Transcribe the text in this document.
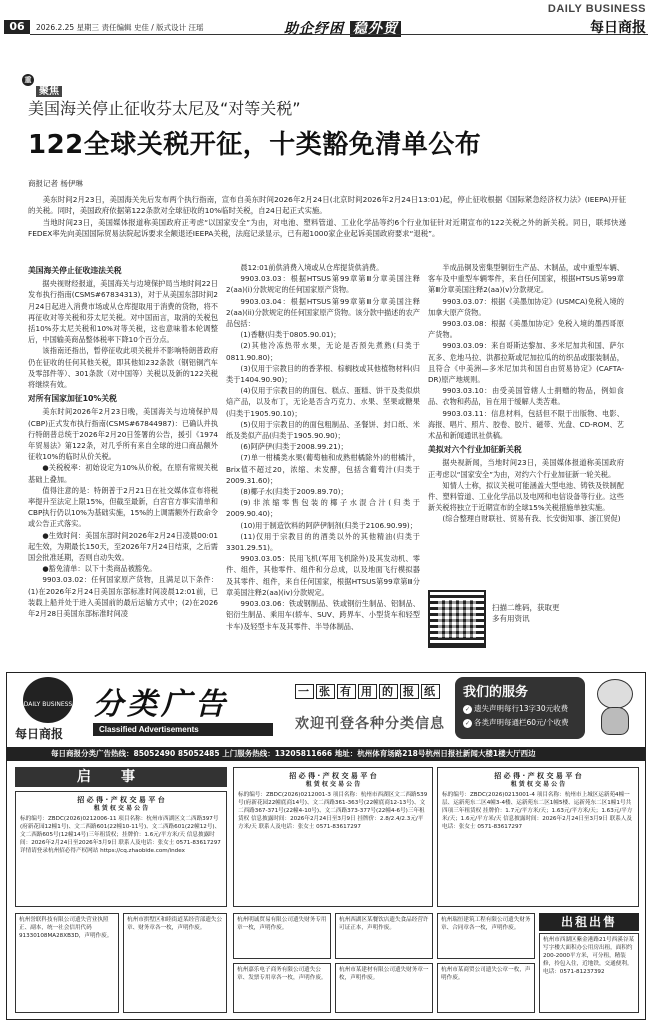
06	2026.2.25 星期三 责任编辑 史佳 / 版式设计 汪瑶	助企纾困 稳外贸
DAILY BUSINESS
每日商报
重点 聚焦
美国海关停止征收芬太尼及“对等关税”
122全球关税开征，十类豁免清单公布
商报记者 杨伊琳

美东时间2月23日，美国海关先后发布两个执行指南，宣布自美东时间2026年2月24日(北京时间2026年2月24日13:01)起，停止征收根据《国际紧急经济权力法》(IEEPA)开征的关税。同时，美国政府依据第122条款对全球征收的10%临时关税，自24日起正式实施。

当地时间23日，美国媒体报道称美国政府正考虑“以国家安全”为由，对电池、塑料管道、工业化学品等约6个行业加征针对近期宣布的122关税之外的新关税。同日，联邦快递FEDEX率先向美国国际贸易法院起诉要求全额退还IEEPA关税，法庭记录显示，已有超1000家企业起诉美国政府要求“退税”。

美国海关停止征收违法关税

据央视财经报道，美国海关与边境保护局当地时间22日发布执行指南(CSMS#67834313)，对于从美国东部时间2月24日起进入消费市场或从仓库提取用于消费的货物，将不再征收对等关税和芬太尼关税。对中国而言，取消的关税包括10%芬太尼关税和10%对等关税，这也意味着本轮调整后，中国输美商品整体税率下降10个百分点。

该指南还指出，暂停征收此项关税并不影响特朗普政府仍在征收的任何其他关税，即其他如232条款（钢铝铜汽车及零部件等）、301条款（对中国等）关税以及新的122关税将继续有效。

对所有国家加征10%关税

美东时间2026年2月23日晚，美国海关与边境保护局(CBP)正式发布执行指南(CSMS#67844987)：已确认并执行特朗普总统于2026年2月20日签署的公告，援引《1974年贸易法》第122条，对几乎所有来自全球的进口商品额外征收10%的临时从价关税。

●关税税率：初始设定为10%从价税，在原有常规关税基础上叠加。

值得注意的是：特朗普于2月21日在社交媒体宣布将税率提升至法定上限15%，但截至最新，白宫官方事实清单和CBP执行仍以10%为基础实施，15%的上调需额外行政命令或公告正式落实。

●生效时间：美国东部时间2026年2月24日凌晨00:01起生效，为期最长150天，至2026年7月24日结束，之后需国会批准延期，否则自动失效。

●豁免清单：以下十类商品被豁免。

9903.03.02：任何国家原产货物，且满足以下条件：(1)在2026年2月24日美国东部标准时间凌晨12:01前，已装载上船并处于进入美国前的最后运输方式中；(2)在2026年2月28日美国东部标准时间凌

晨12:01前供消费入境或从仓库提货供消费。

9903.03.03：根据HTSUS第99章第Ⅲ分章美国注释2(aa)(i)分款规定的任何国家原产货物。

9903.03.04：根据HTSUS第99章第Ⅲ分章美国注释2(aa)(ii)分款规定的任何国家原产货物。该分款中描述的农产品包括：

(1)香糖(归类于0805.90.01)；

(2)其他冷冻热带水果，无论是否预先煮熟(归类于0811.90.80)；

(3)仅用于宗教目的的香茅根、棕榈枝或其他植物材料(归类于1404.90.90)；

(4)仅用于宗教目的的面包、糕点、蛋糕、饼干及类似烘焙产品，以及布丁，无论是否含巧克力、水果、坚果或糖果(归类于1905.90.10)；

(5)仅用于宗教目的的面包粗制品、圣餐饼、封口纸、米纸及类似产品(归类于1905.90.90)；

(6)阿萨伊(归类于2008.99.21)；

(7)单一柑橘类水果(葡萄柚和成熟柑橘除外)的柑橘汁，Brix值不超过20，浓缩、未发酵，包括含葡萄汁(归类于2009.31.60)；

(8)椰子水(归类于2009.89.70)；

(9)非浓缩零售包装的椰子水混合汁(归类于2009.90.40)；

(10)用于制造饮料的阿萨伊制剂(归类于2106.90.99)；

(11)仅用于宗教目的的酒类以外的其他精油(归类于3301.29.51)。

9903.03.05：民用飞机(军用飞机除外)及其发动机、零件、组件，其他零件、组件和分总成，以及地面飞行模拟器及其零件、组件，来自任何国家，根据HTSUS第99章第Ⅲ分章美国注释2(aa)(iv)分款规定。

9903.03.06：铁或钢制品、铁或钢衍生制品、铝制品、铝衍生制品、乘用车(轿车、SUV、跨界车、小型货车和轻型卡车)及轻型卡车及其零件、半导体制品、

半成品铜及密集型铜衍生产品、木制品，或中重型车辆、客车及中重型车辆零件，来自任何国家，根据HTSUS第99章第Ⅲ分章美国注释2(aa)(v)分款规定。

9903.03.07：根据《美墨加协定》(USMCA)免税入境的加拿大原产货物。

9903.03.08：根据《美墨加协定》免税入境的墨西哥原产货物。

9903.03.09：来自哥斯达黎加、多米尼加共和国、萨尔瓦多、危地马拉、洪都拉斯或尼加拉瓜的纺织品或服装制品，且符合《中美洲—多米尼加共和国自由贸易协定》(CAFTA-DR)原产地规则。

9903.03.10：由受美国管辖人士捐赠的物品，例如食品、衣物和药品，旨在用于缓解人类苦难。

9903.03.11：信息材料，包括但不限于出版物、电影、海报、唱片、照片、胶卷、胶片、磁带、光盘、CD-ROM、艺术品和新闻通讯社供稿。

美拟对六个行业加征新关税

据央视新闻，当地时间23日，美国媒体报道称美国政府正考虑以“国家安全”为由，对约六个行业加征新一轮关税。

知情人士称，拟议关税可能涵盖大型电池、铸铁及铁制配件、塑料管道、工业化学品以及电网和电信设备等行业。这些新关税将独立于近期宣布的全球15%关税措施单独实施。

(综合整理自财联社、贸易有我、长安街知事、浙江贸促)

扫描二维码，获取更多有用资讯
DAILY BUSINESS
每日商报
分类广告
Classified Advertisements
一 张 有 用 的 报 纸
欢迎刊登各种分类信息
我们的服务
✓ 遗失声明每行13字30元收费
✓ 各类声明每通栏60元/个收费
每日商报分类广告热线：85052490 85052485 上门服务热线：13205811666 地址：杭州体育场路218号杭州日报社新闻大楼1楼大厅西边
启事
招 必 得 · 产 权 交 易 平 台
租 赁 权 交 易 公 告
标的编号：ZBDC(2026)0212006-11 项目名称：杭州市西湖区文二西路397号(府新花园12幢1号)、文二西路601(22幢10-11号)、文二西路601(22幢12号)、文二西路605号(12幢14号)三年租赁权；挂牌价：1.6元/平方米/天 信息披露时间：2026年2月24日至2026年3月9日 联系人及电话：张女士 0571-83617297 详情请登录杭州招必得产权网站 https://cq.zhaobide.com/index
招 必 得 · 产 权 交 易 平 台
租 赁 权 交 易 公 告
标的编号：ZBDC(2026)0212001-3 项目名称：杭州市西湖区文二西路539号(府新花园22幢底商14号)、文二西路361-363号(22幢底商12-13号)、文二西路367-371号(22幢4-10号)、文二西路373-377号(22幢4-6号)三年租赁权 信息披露时间：2026年2月24日至3月9日 挂牌价：2.8/2.4/2.3元/平方米/天 联系人及电话：张女士 0571-83617297
招 必 得 · 产 权 交 易 平 台
租 赁 权 交 易 公 告
标的编号：ZBDC(2026)0213001-4 项目名称：杭州市上城区运新苑4幢一层、运新苑东二区4幢3-4楼、运新苑东二区1幢5楼、运新苑东二区1幢1号共四项三年租赁权 挂牌价：1.7元/平方米/天；1.63元/平方米/天；1.63元/平方米/天；1.6元/平方米/天 信息披露时间：2026年2月24日至3月9日 联系人及电话：张女士 0571-83617297
杭州誉联科技有限公司遗失营业执照正、副本，统一社会信用代码91330108MA28XB3D，声明作废。
杭州市拱墅区和睦街道某经营部遗失公章、财务章各一枚，声明作废。
杭州明诚贸易有限公司遗失财务专用章一枚，声明作废。
杭州西湖区某餐饮店遗失食品经营许可证正本，声明作废。
杭州嘉乐电子商务有限公司遗失公章、发票专用章各一枚，声明作废。
杭州市某建材有限公司遗失财务章一枚，声明作废。
杭州瑞恒建筑工程有限公司遗失财务章、合同章各一枚，声明作废。
杭州市某商贸公司遗失公章一枚，声明作废。
出租出售
杭州市西湖区紫金港路21号西溪谷某写字楼大面积办公用房出租，面积约200-2000平方米，可分租，精装修，拎包入住，近地铁，交通便利。电话：0571-81237392
